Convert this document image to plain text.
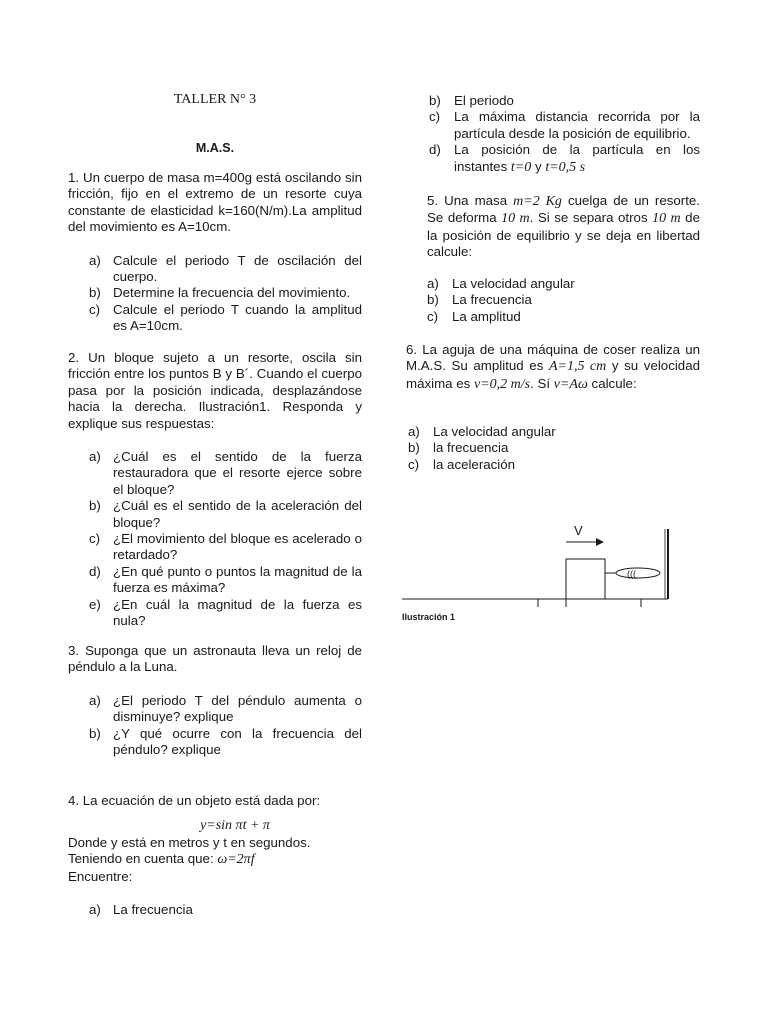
TALLER N° 3
M.A.S.

1. Un cuerpo de masa m=400g está oscilando sin fricción, fijo en el extremo de un resorte cuya constante de elasticidad k=160(N/m).La amplitud del movimiento es A=10cm.

a) Calcule el periodo T de oscilación del cuerpo.
b) Determine la frecuencia del movimiento.
c) Calcule el periodo T cuando la amplitud es A=10cm.

2. Un bloque sujeto a un resorte, oscila sin fricción entre los puntos B y B´. Cuando el cuerpo pasa por la posición indicada, desplazándose hacia la derecha. Ilustración1. Responda y explique sus respuestas:

a) ¿Cuál es el sentido de la fuerza restauradora que el resorte ejerce sobre el bloque?
b) ¿Cuál es el sentido de la aceleración del bloque?
c) ¿El movimiento del bloque es acelerado o retardado?
d) ¿En qué punto o puntos la magnitud de la fuerza es máxima?
e) ¿En cuál la magnitud de la fuerza es nula?

3. Suponga que un astronauta lleva un reloj de péndulo a la Luna.

a) ¿El periodo T del péndulo aumenta o disminuye? explique
b) ¿Y qué ocurre con la frecuencia del péndulo? explique

4. La ecuación de un objeto está dada por:

y=sin πt + π

Donde y está en metros y t en segundos.

Teniendo en cuenta que: ω=2πf

Encuentre:

a) La frecuencia
b) El periodo
c) La máxima distancia recorrida por la partícula desde la posición de equilibrio.
d) La posición de la partícula en los instantes t=0 y t=0,5 s

5. Una masa m=2 Kg cuelga de un resorte. Se deforma 10 m. Si se separa otros 10 m de la posición de equilibrio y se deja en libertad calcule:

a) La velocidad angular
b) La frecuencia
c) La amplitud

6. La aguja de una máquina de coser realiza un M.A.S. Su amplitud es A=1,5 cm y su velocidad máxima es v=0,2 m/s. Sí v=Aω calcule:

a) La velocidad angular
b) la frecuencia
c) la aceleración
V
(((
Ilustración 1
